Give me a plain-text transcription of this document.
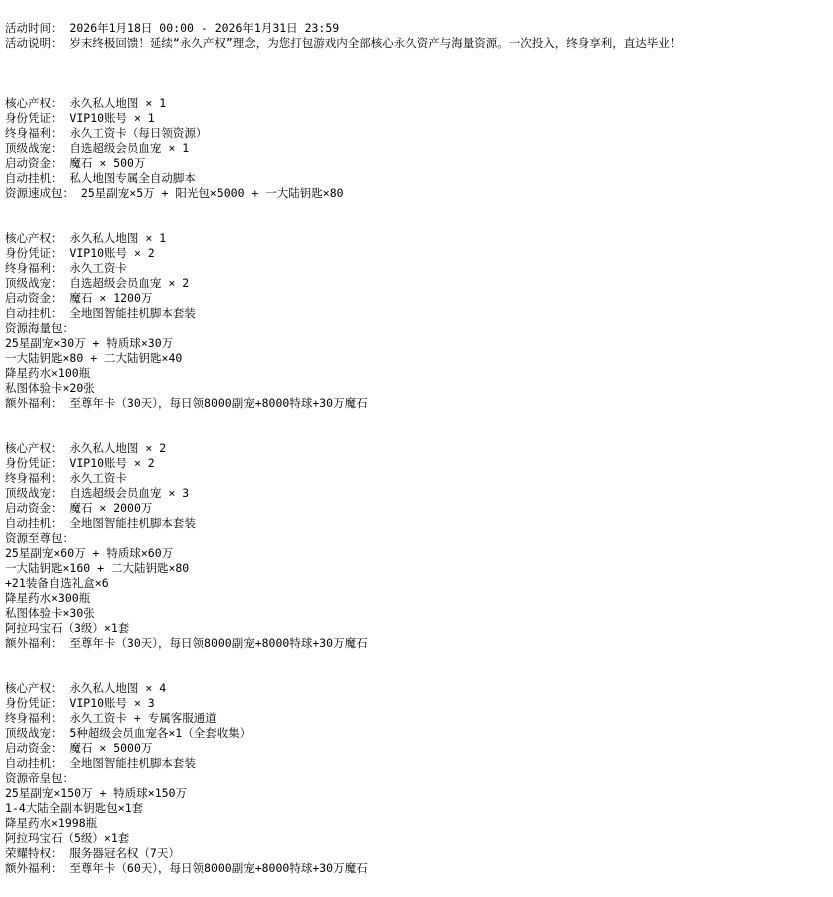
活动时间： 2026年1月18日 00:00 - 2026年1月31日 23:59
活动说明： 岁末终极回馈！延续“永久产权”理念，为您打包游戏内全部核心永久资产与海量资源。一次投入，终身享利，直达毕业！

核心产权： 永久私人地图 × 1
身份凭证： VIP10账号 × 1
终身福利： 永久工资卡（每日领资源）
顶级战宠： 自选超级会员血宠 × 1
启动资金： 魔石 × 500万
自动挂机： 私人地图专属全自动脚本
资源速成包： 25星副宠×5万 + 阳光包×5000 + 一大陆钥匙×80

核心产权： 永久私人地图 × 1
身份凭证： VIP10账号 × 2
终身福利： 永久工资卡
顶级战宠： 自选超级会员血宠 × 2
启动资金： 魔石 × 1200万
自动挂机： 全地图智能挂机脚本套装
资源海量包：
25星副宠×30万 + 特质球×30万
一大陆钥匙×80 + 二大陆钥匙×40
降星药水×100瓶
私图体验卡×20张
额外福利： 至尊年卡（30天），每日领8000副宠+8000特球+30万魔石

核心产权： 永久私人地图 × 2
身份凭证： VIP10账号 × 2
终身福利： 永久工资卡
顶级战宠： 自选超级会员血宠 × 3
启动资金： 魔石 × 2000万
自动挂机： 全地图智能挂机脚本套装
资源至尊包：
25星副宠×60万 + 特质球×60万
一大陆钥匙×160 + 二大陆钥匙×80
+21装备自选礼盒×6
降星药水×300瓶
私图体验卡×30张
阿拉玛宝石（3级）×1套
额外福利： 至尊年卡（30天），每日领8000副宠+8000特球+30万魔石

核心产权： 永久私人地图 × 4
身份凭证： VIP10账号 × 3
终身福利： 永久工资卡 + 专属客服通道
顶级战宠： 5种超级会员血宠各×1（全套收集）
启动资金： 魔石 × 5000万
自动挂机： 全地图智能挂机脚本套装
资源帝皇包：
25星副宠×150万 + 特质球×150万
1-4大陆全副本钥匙包×1套
降星药水×1998瓶
阿拉玛宝石（5级）×1套
荣耀特权： 服务器冠名权（7天）
额外福利： 至尊年卡（60天），每日领8000副宠+8000特球+30万魔石
